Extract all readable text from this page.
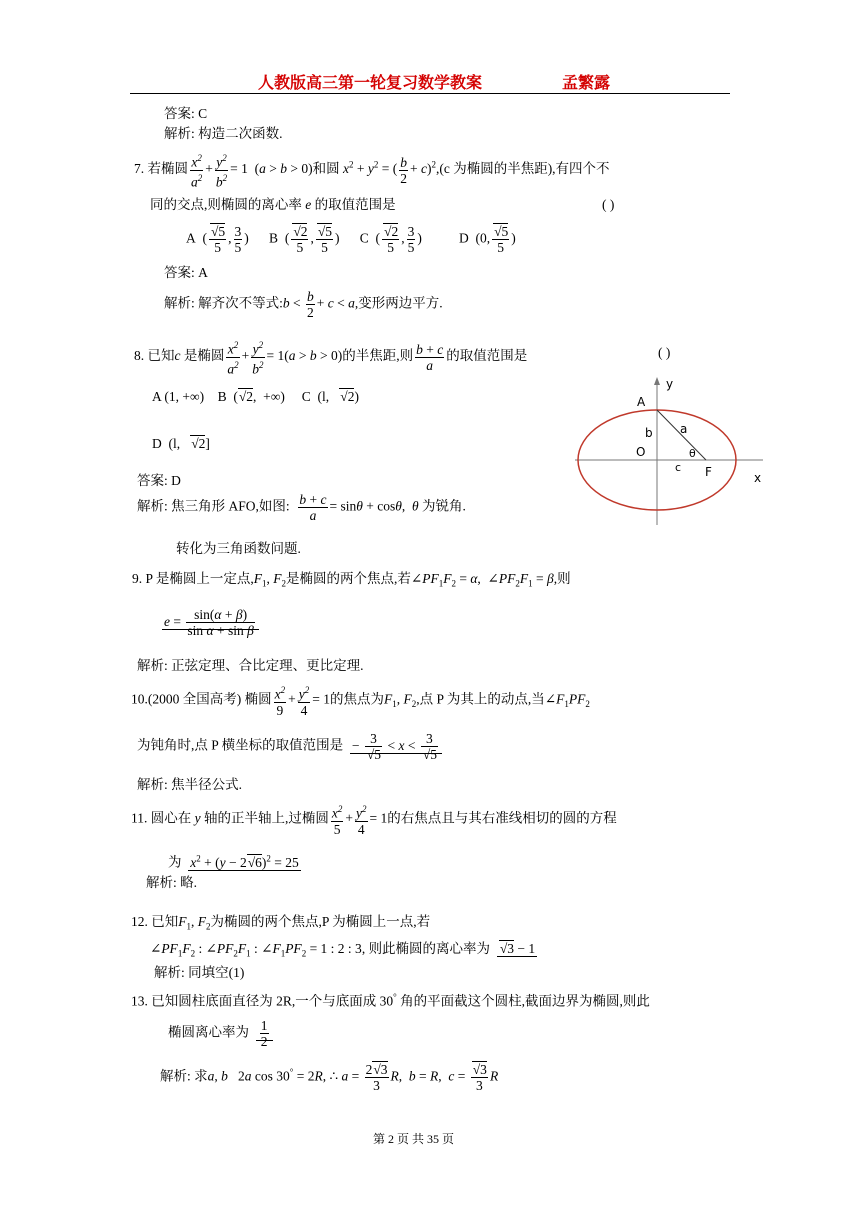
人教版高三第一轮复习数学教案	孟繁露
答案: C
解析: 构造二次函数.
7. 若椭圆 $\frac{x^2}{a^2} + \frac{y^2}{b^2} = 1$  (a > b > 0)和圆 $x^2 + y^2$ = ( $\frac{b}{2} + c)^2,(c$ 为椭圆的半焦距),有四个不
同的交点,则椭圆的离心率 e 的取值范围是	( )
A  ( $\frac{√5}{5}$ , $\frac{3}{5}$ )      B  ( $\frac{√2}{5}$ , $\frac{√5}{5}$ )      C  ( $\frac{√2}{5}$ , $\frac{3}{5}$ )           D  (0, $\frac{√5}{5}$ )
答案: A
解析: 解齐次不等式:b < $\frac{b}{2} + c < a$,变形两边平方.
8. 已知c 是椭圆 $\frac{x^2}{a^2} + \frac{y^2}{b^2} = 1(a > b > 0)$的半焦距,则 $\frac{b + c}{a}$ 的取值范围是	( )
A (1, +∞) B  (√2,  +∞)     C  (l,   √2)
D  (l,   √2]
答案: D
解析: 焦三角形 AFO,如图: $\frac{b + c}{a} = \sin\theta + \cos\theta$,  θ 为锐角.
转化为三角函数问题.
y
x
A
b a
O
c
θ
F
9. P 是椭圆上一定点$,F_1$, $F_2$是椭圆的两个焦点,若$\angle PF_1F_2 = \alpha$,  $\angle PF_2F_1 = \beta$,则
$e = \frac{\sin(\alpha + \beta)}{\text{sin α + sin β}}$
解析: 正弦定理、合比定理、更比定理.
10.(2000 全国高考) 椭圆 $\frac{x^2}{9} + \frac{y^2}{4} = 1$的焦点为$F_1$, $F_2$,点 P 为其上的动点,当$\angle F_1PF_2$
为钝角时,点 P 横坐标的取值范围是 − $\frac{3}{√5} < x < \frac{3}{√5}$
解析: 焦半径公式.
11. 圆心在 y 轴的正半轴上,过椭圆 $\frac{x^2}{5} + \frac{y^2}{4} = 1$的右焦点且与其右准线相切的圆的方程
为 $x^2 + (y - 2√6)^2 = 25$
解析: 略.
12. 已知$F_1$, $F_2$为椭圆的两个焦点,P 为椭圆上一点,若
$\angle PF_1F_2$ : $\angle PF_2F_1$ : $\angle F_1PF_2 = 1$ : 2 : 3, 则此椭圆的离心率为 √3 − 1
解析: 同填空(1)
13. 已知圆柱底面直径为 2R,一个与底面成 30° 角的平面截这个圆柱,截面边界为椭圆,则此
椭圆离心率为 $\frac{1}{2}$
解析: 求a, b   2a cos 30° = 2R, ∴ $a = \frac{2√3}{3} R$,  b = R,  $c = \frac{√3}{3}$ R
第 2 页 共 35 页
